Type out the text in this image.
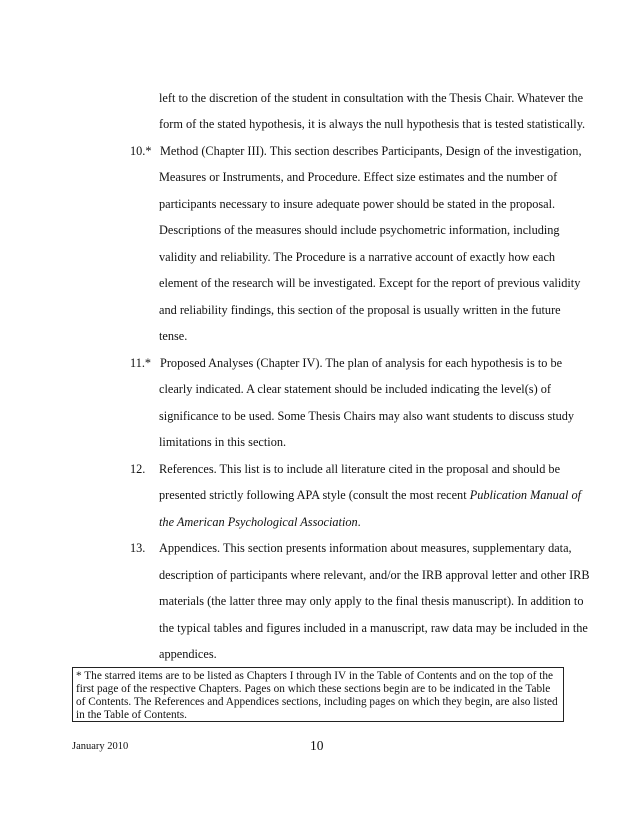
left to the discretion of the student in consultation with the Thesis Chair. Whatever the
form of the stated hypothesis, it is always the null hypothesis that is tested statistically.
10.* Method (Chapter III). This section describes Participants, Design of the investigation,
Measures or Instruments, and Procedure. Effect size estimates and the number of
participants necessary to insure adequate power should be stated in the proposal.
Descriptions of the measures should include psychometric information, including
validity and reliability. The Procedure is a narrative account of exactly how each
element of the research will be investigated. Except for the report of previous validity
and reliability findings, this section of the proposal is usually written in the future
tense.
11.* Proposed Analyses (Chapter IV). The plan of analysis for each hypothesis is to be
clearly indicated. A clear statement should be included indicating the level(s) of
significance to be used. Some Thesis Chairs may also want students to discuss study
limitations in this section.
12. References. This list is to include all literature cited in the proposal and should be
presented strictly following APA style (consult the most recent Publication Manual of
the American Psychological Association.
13. Appendices. This section presents information about measures, supplementary data,
description of participants where relevant, and/or the IRB approval letter and other IRB
materials (the latter three may only apply to the final thesis manuscript). In addition to
the typical tables and figures included in a manuscript, raw data may be included in the
appendices.
* The starred items are to be listed as Chapters I through IV in the Table of Contents and on the top of the first page of the respective Chapters. Pages on which these sections begin are to be indicated in the Table of Contents. The References and Appendices sections, including pages on which they begin, are also listed in the Table of Contents.
January 2010	10
